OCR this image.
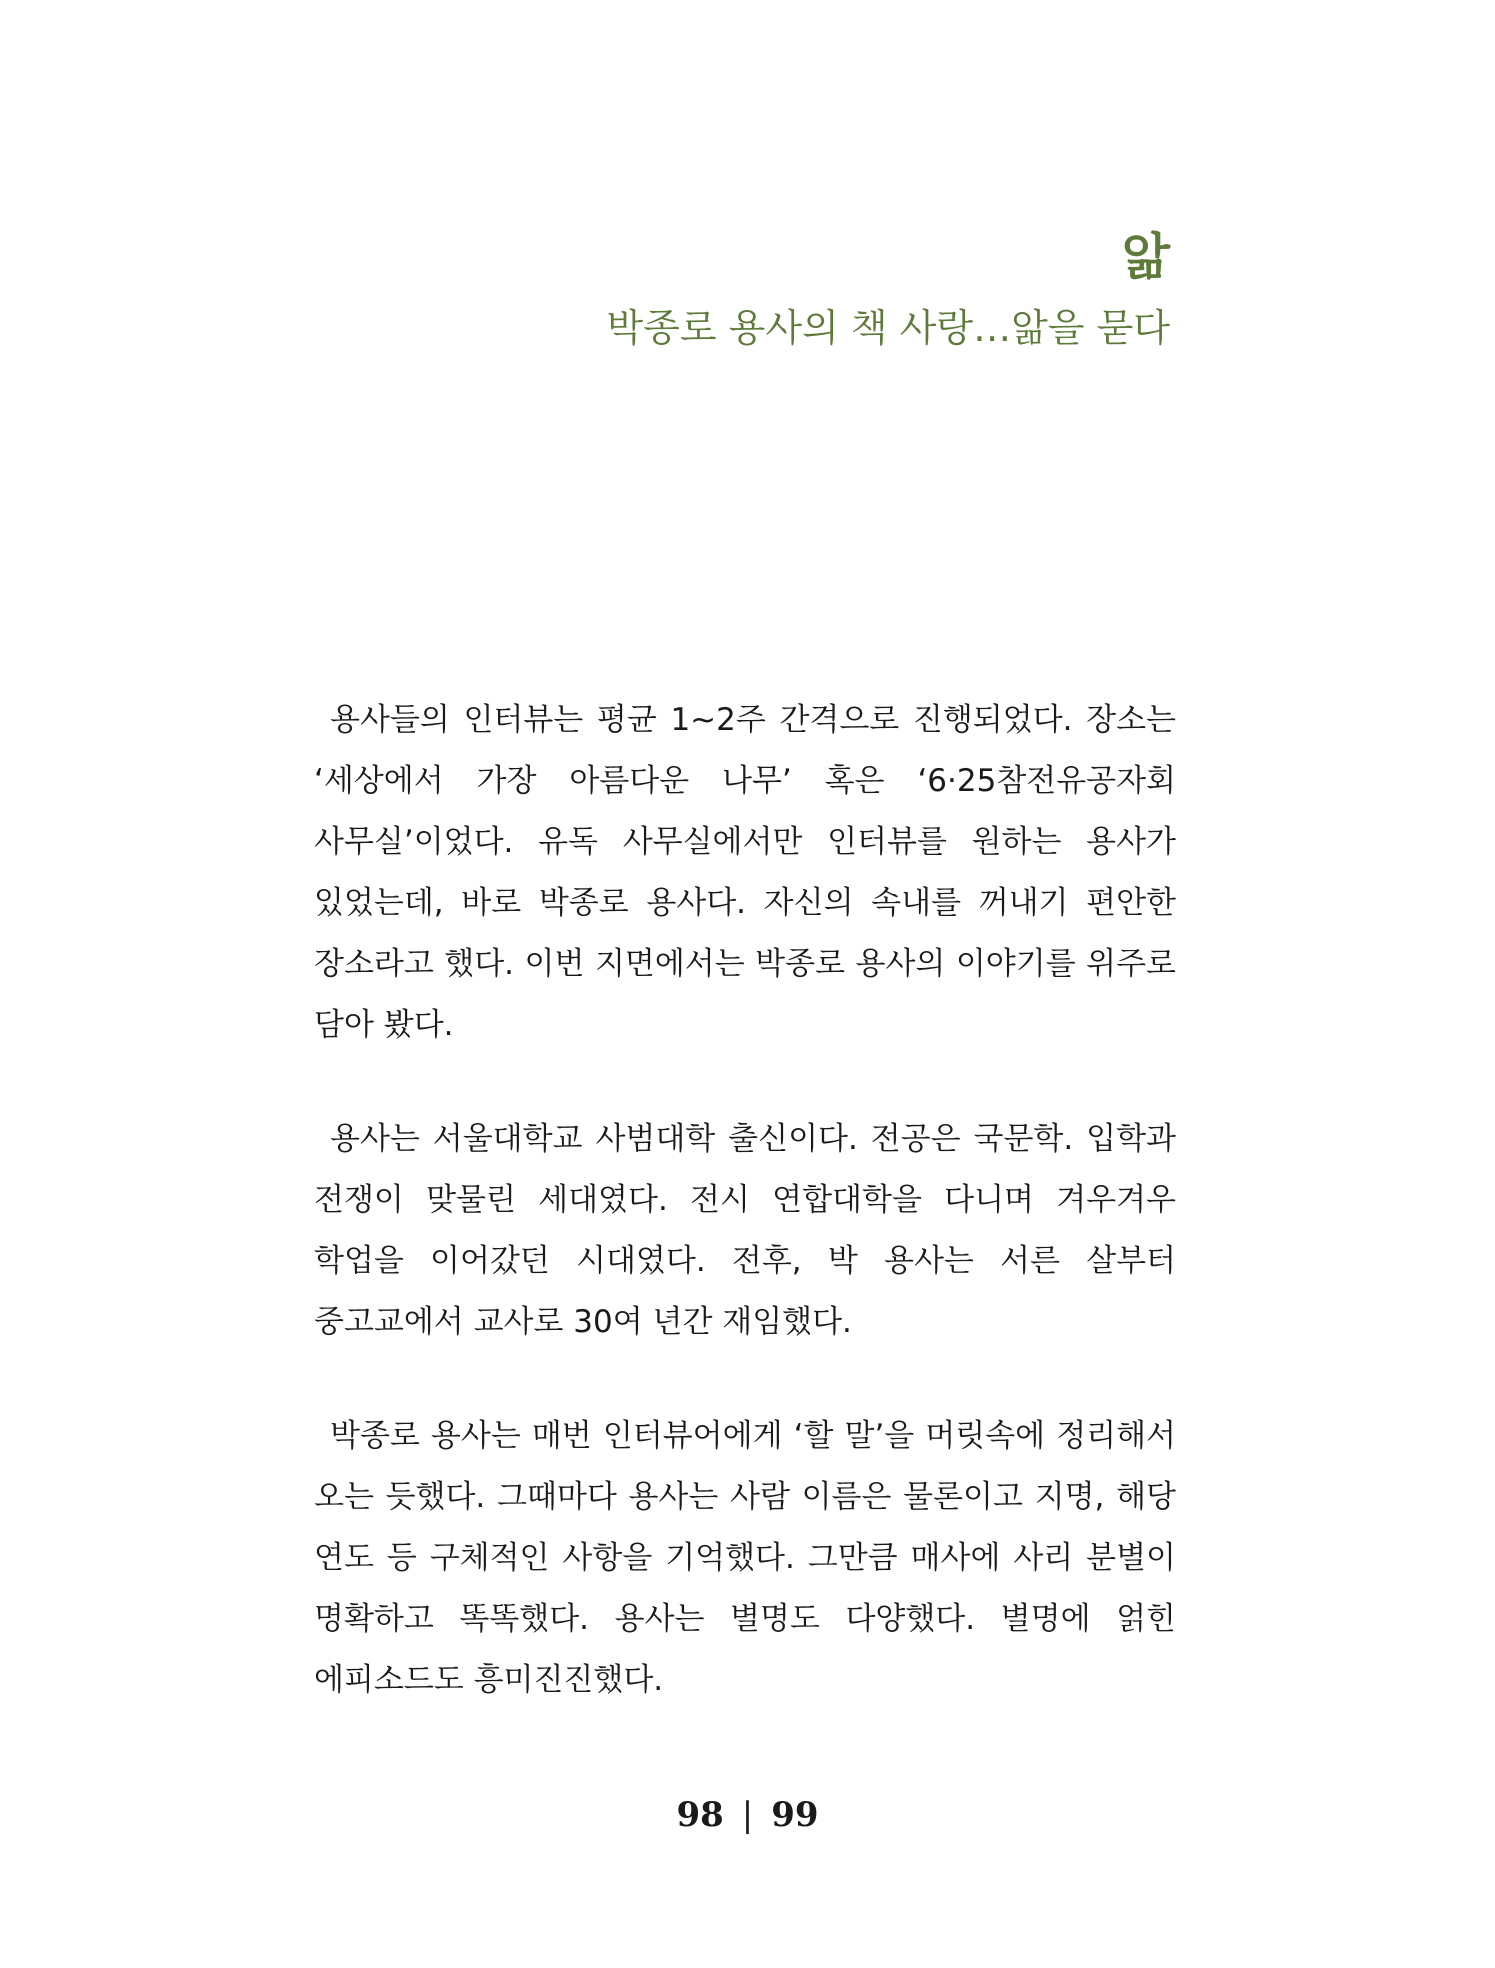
앎
박종로 용사의 책 사랑…앎을 묻다

용사들의 인터뷰는 평균 1~2주 간격으로 진행되었다. 장소는 ‘세상에서 가장 아름다운 나무’ 혹은 ‘6·25참전유공자회 사무실’이었다. 유독 사무실에서만 인터뷰를 원하는 용사가 있었는데, 바로 박종로 용사다. 자신의 속내를 꺼내기 편안한 장소라고 했다. 이번 지면에서는 박종로 용사의 이야기를 위주로 담아 봤다.

용사는 서울대학교 사범대학 출신이다. 전공은 국문학. 입학과 전쟁이 맞물린 세대였다. 전시 연합대학을 다니며 겨우겨우 학업을 이어갔던 시대였다. 전후, 박 용사는 서른 살부터 중고교에서 교사로 30여 년간 재임했다.

박종로 용사는 매번 인터뷰어에게 ‘할 말’을 머릿속에 정리해서 오는 듯했다. 그때마다 용사는 사람 이름은 물론이고 지명, 해당 연도 등 구체적인 사항을 기억했다. 그만큼 매사에 사리 분별이 명확하고 똑똑했다. 용사는 별명도 다양했다. 별명에 얽힌 에피소드도 흥미진진했다.

98 | 99
